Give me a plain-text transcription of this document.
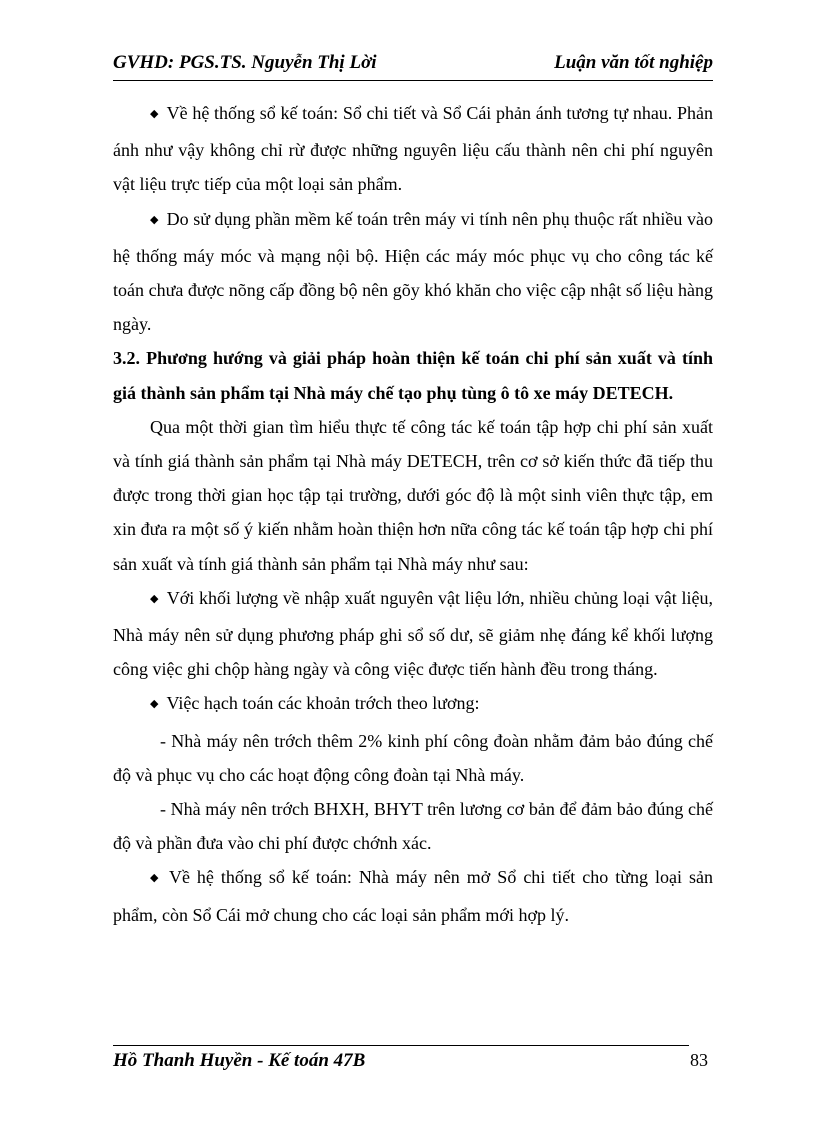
GVHD: PGS.TS. Nguyễn Thị Lời	Luận văn tốt nghiệp

◆ Về hệ thống sổ kế toán: Sổ chi tiết và Sổ Cái phản ánh tương tự nhau. Phản ánh như vậy không chỉ rừ được những nguyên liệu cấu thành nên chi phí nguyên vật liệu trực tiếp của một loại sản phẩm.

◆ Do sử dụng phần mềm kế toán trên máy vi tính nên phụ thuộc rất nhiều vào hệ thống máy móc và mạng nội bộ. Hiện các máy móc phục vụ cho công tác kế toán chưa được nõng cấp đồng bộ nên gõy khó khăn cho việc cập nhật số liệu hàng ngày.

3.2. Phương hướng và giải pháp hoàn thiện kế toán chi phí sản xuất và tính giá thành sản phẩm tại Nhà máy chế tạo phụ tùng ô tô xe máy DETECH.

Qua một thời gian tìm hiểu thực tế công tác kế toán tập hợp chi phí sản xuất và tính giá thành sản phẩm tại Nhà máy DETECH, trên cơ sở kiến thức đã tiếp thu được trong thời gian học tập tại trường, dưới góc độ là một sinh viên thực tập, em xin đưa ra một số ý kiến nhằm hoàn thiện hơn nữa công tác kế toán tập hợp chi phí sản xuất và tính giá thành sản phẩm tại Nhà máy như sau:

◆ Với khối lượng về nhập xuất nguyên vật liệu lớn, nhiều chủng loại vật liệu, Nhà máy nên sử dụng phương pháp ghi sổ số dư, sẽ giảm nhẹ đáng kể khối lượng công việc ghi chộp hàng ngày và công việc được tiến hành đều trong tháng.

◆ Việc hạch toán các khoản trớch theo lương:

- Nhà máy nên trớch thêm 2% kinh phí công đoàn nhằm đảm bảo đúng chế độ và phục vụ cho các hoạt động công đoàn tại Nhà máy.

- Nhà máy nên trớch BHXH, BHYT trên lương cơ bản để đảm bảo đúng chế độ và phần đưa vào chi phí được chớnh xác.

◆ Về hệ thống sổ kế toán: Nhà máy nên mở Sổ chi tiết cho từng loại sản phẩm, còn Sổ Cái mở chung cho các loại sản phẩm mới hợp lý.

Hồ Thanh Huyền - Kế toán 47B	83
